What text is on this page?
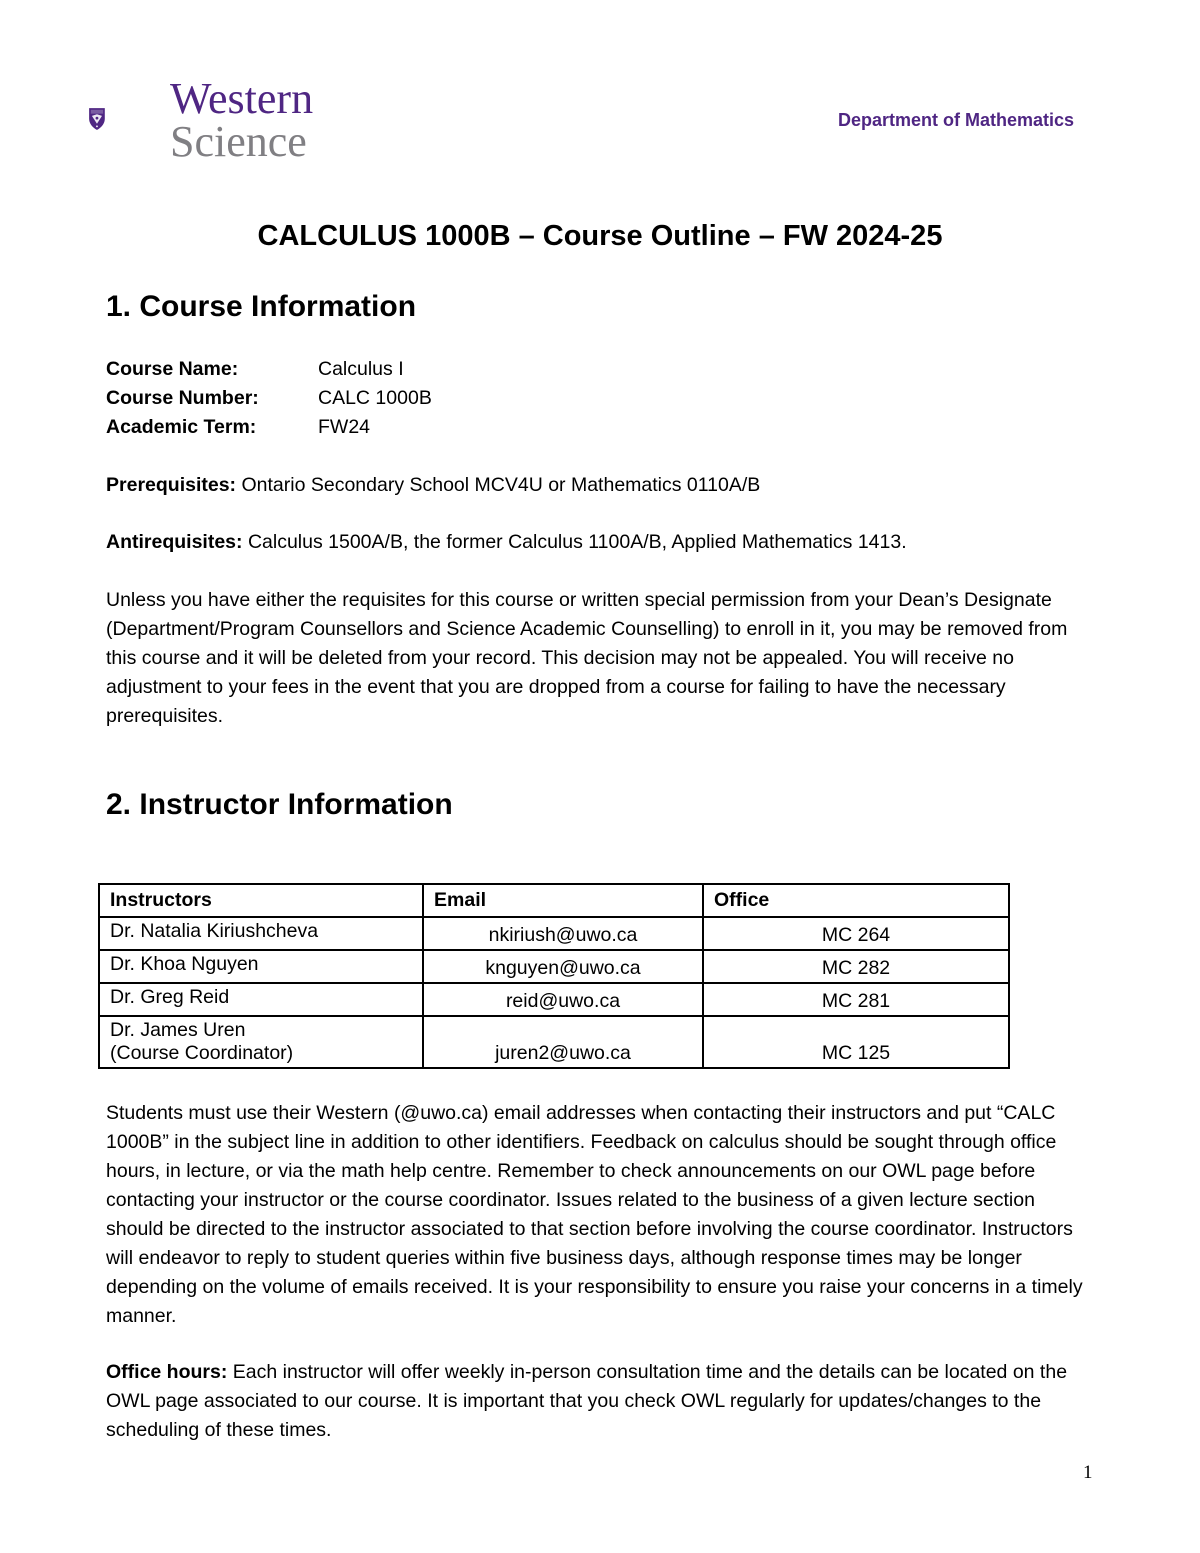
Western
Science	Department of Mathematics
CALCULUS 1000B – Course Outline – FW 2024-25
1. Course Information
Course Name:	Calculus I
Course Number:	CALC 1000B
Academic Term:	FW24
Prerequisites: Ontario Secondary School MCV4U or Mathematics 0110A/B
Antirequisites: Calculus 1500A/B, the former Calculus 1100A/B, Applied Mathematics 1413.
Unless you have either the requisites for this course or written special permission from your Dean’s Designate (Department/Program Counsellors and Science Academic Counselling) to enroll in it, you may be removed from this course and it will be deleted from your record. This decision may not be appealed. You will receive no adjustment to your fees in the event that you are dropped from a course for failing to have the necessary prerequisites.
2. Instructor Information
Instructors	Email	Office
Dr. Natalia Kiriushcheva	nkiriush@uwo.ca	MC 264
Dr. Khoa Nguyen	knguyen@uwo.ca	MC 282
Dr. Greg Reid	reid@uwo.ca	MC 281

Dr. James Uren
(Course Coordinator)	juren2@uwo.ca	MC 125
Students must use their Western (@uwo.ca) email addresses when contacting their instructors and put “CALC 1000B” in the subject line in addition to other identifiers. Feedback on calculus should be sought through office hours, in lecture, or via the math help centre. Remember to check announcements on our OWL page before contacting your instructor or the course coordinator. Issues related to the business of a given lecture section should be directed to the instructor associated to that section before involving the course coordinator. Instructors will endeavor to reply to student queries within five business days, although response times may be longer depending on the volume of emails received. It is your responsibility to ensure you raise your concerns in a timely manner.
Office hours: Each instructor will offer weekly in-person consultation time and the details can be located on the OWL page associated to our course. It is important that you check OWL regularly for updates/changes to the scheduling of these times.
1
